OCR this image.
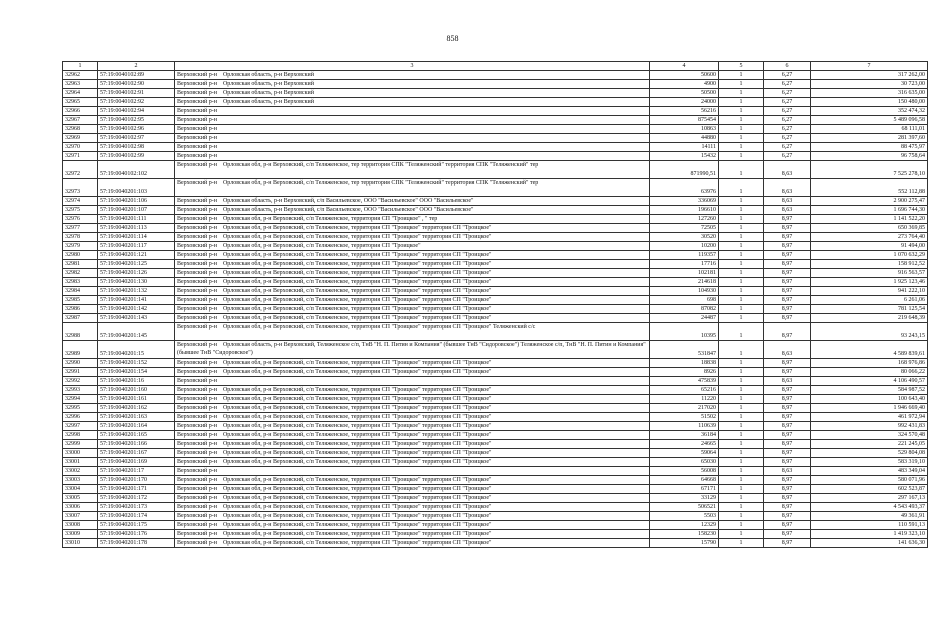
858
1	2	3	4	5	6	7
32962	57:19:0040102:89	Верховский р-н Орловская область, р-н Верховский	50600	1	6,27	317 262,00
32963	57:19:0040102:90	Верховский р-н Орловская область, р-н Верховский	4900	1	6,27	30 723,00
32964	57:19:0040102:91	Верховский р-н Орловская область, р-н Верховский	50500	1	6,27	316 635,00
32965	57:19:0040102:92	Верховский р-н Орловская область, р-н Верховский	24000	1	6,27	150 480,00
32966	57:19:0040102:94	Верховский р-н	56216	1	6,27	352 474,32
32967	57:19:0040102:95	Верховский р-н	875454	1	6,27	5 489 096,58
32968	57:19:0040102:96	Верховский р-н	10863	1	6,27	68 111,01
32969	57:19:0040102:97	Верховский р-н	44880	1	6,27	281 397,60
32970	57:19:0040102:98	Верховский р-н	14111	1	6,27	88 475,97
32971	57:19:0040102:99	Верховский р-н	15432	1	6,27	96 758,64
32972	57:19:0040102:102	Верховский р-н Орловская обл, р-н Верховский, с/п Теляженское, тер территория СПК "Теляженский" территория СПК "Теляженский" тер	871990,51	1	8,63	7 525 278,10
32973	57:19:0040201:103	Верховский р-н Орловская обл, р-н Верховский, с/п Теляженское, тер территория СПК "Теляженский" территория СПК "Теляженский" тер	63976	1	8,63	552 112,88
32974	57:19:0040201:106	Верховский р-н Орловская область, р-н Верховский, с/п Васильевское, ООО "Васильевское" ООО "Васильевское"	336069	1	8,63	2 900 275,47
32975	57:19:0040201:107	Верховский р-н Орловская область, р-н Верховский, с/п Васильевское, ООО "Васильевское" ООО "Васильевское"	196610	1	8,63	1 696 744,30
32976	57:19:0040201:111	Верховский р-н Орловская обл, р-н Верховский, с/п Теляженское, территория СП "Троицкое" , " тер	127260	1	8,97	1 141 522,20
32977	57:19:0040201:113	Верховский р-н Орловская обл, р-н Верховский, с/п Теляженское, территория СП "Троицкое" территория СП "Троицкое"	72505	1	8,97	650 369,85
32978	57:19:0040201:114	Верховский р-н Орловская обл, р-н Верховский, с/п Теляженское, территория СП "Троицкое" территория СП "Троицкое"	30520	1	8,97	273 764,40
32979	57:19:0040201:117	Верховский р-н Орловская обл, р-н Верховский, с/п Теляженское, территория СП "Троицкое"	10200	1	8,97	91 494,00
32980	57:19:0040201:121	Верховский р-н Орловская обл, р-н Верховский, с/п Теляженское, территория СП "Троицкое" территория СП "Троицкое"	119357	1	8,97	1 070 632,29
32981	57:19:0040201:125	Верховский р-н Орловская обл, р-н Верховский, с/п Теляженское, территория СП "Троицкое" территория СП "Троицкое"	17716	1	8,97	158 912,52
32982	57:19:0040201:126	Верховский р-н Орловская обл, р-н Верховский, с/п Теляженское, территория СП "Троицкое" территория СП "Троицкое"	102181	1	8,97	916 563,57
32983	57:19:0040201:130	Верховский р-н Орловская обл, р-н Верховский, с/п Теляженское, территория СП "Троицкое" территория СП "Троицкое"	214618	1	8,97	1 925 123,46
32984	57:19:0040201:132	Верховский р-н Орловская обл, р-н Верховский, с/п Теляженское, территория СП "Троицкое" территория СП "Троицкое"	104930	1	8,97	941 222,10
32985	57:19:0040201:141	Верховский р-н Орловская обл, р-н Верховский, с/п Теляженское, территория СП "Троицкое" территория СП "Троицкое"	698	1	8,97	6 261,06
32986	57:19:0040201:142	Верховский р-н Орловская обл, р-н Верховский, с/п Теляженское, территория СП "Троицкое" территория СП "Троицкое"	87082	1	8,97	781 125,54
32987	57:19:0040201:143	Верховский р-н Орловская обл, р-н Верховский, с/п Теляженское, территория СП "Троицкое" территория СП "Троицкое"	24487	1	8,97	219 648,39
32988	57:19:0040201:145	Верховский р-н Орловская обл, р-н Верховский, с/п Теляженское, территория СП "Троицкое" территория СП "Троицкое" Теляженский с/с	10395	1	8,97	93 243,15
32989	57:19:0040201:15	Верховский р-н Орловская область, р-н Верховский, Теляженское с/п, ТнВ "Н. П. Питин и Компания" (бывшее ТнВ "Сидоровское") Теляженское с/п, ТнВ "Н. П. Питин и Компания" (бывшее ТнВ "Сидоровское")	531847	1	8,63	4 589 839,61
32990	57:19:0040201:152	Верховский р-н Орловская обл, р-н Верховский, с/п Теляженское, территория СП "Троицкое" территория СП "Троицкое"	18838	1	8,97	168 976,86
32991	57:19:0040201:154	Верховский р-н Орловская обл, р-н Верховский, с/п Теляженское, территория СП "Троицкое" территория СП "Троицкое"	8926	1	8,97	80 066,22
32992	57:19:0040201:16	Верховский р-н	475839	1	8,63	4 106 490,57
32993	57:19:0040201:160	Верховский р-н Орловская обл, р-н Верховский, с/п Теляженское, территория СП "Троицкое" территория СП "Троицкое"	65216	1	8,97	584 987,52
32994	57:19:0040201:161	Верховский р-н Орловская обл, р-н Верховский, с/п Теляженское, территория СП "Троицкое" территория СП "Троицкое"	11220	1	8,97	100 643,40
32995	57:19:0040201:162	Верховский р-н Орловская обл, р-н Верховский, с/п Теляженское, территория СП "Троицкое" территория СП "Троицкое"	217020	1	8,97	1 946 669,40
32996	57:19:0040201:163	Верховский р-н Орловская обл, р-н Верховский, с/п Теляженское, территория СП "Троицкое" территория СП "Троицкое"	51502	1	8,97	461 972,94
32997	57:19:0040201:164	Верховский р-н Орловская обл, р-н Верховский, с/п Теляженское, территория СП "Троицкое" территория СП "Троицкое"	110639	1	8,97	992 431,83
32998	57:19:0040201:165	Верховский р-н Орловская обл, р-н Верховский, с/п Теляженское, территория СП "Троицкое" территория СП "Троицкое"	36184	1	8,97	324 570,48
32999	57:19:0040201:166	Верховский р-н Орловская обл, р-н Верховский, с/п Теляженское, территория СП "Троицкое" территория СП "Троицкое"	24665	1	8,97	221 245,05
33000	57:19:0040201:167	Верховский р-н Орловская обл, р-н Верховский, с/п Теляженское, территория СП "Троицкое" территория СП "Троицкое"	59064	1	8,97	529 804,08
33001	57:19:0040201:169	Верховский р-н Орловская обл, р-н Верховский, с/п Теляженское, территория СП "Троицкое" территория СП "Троицкое"	65030	1	8,97	583 319,10
33002	57:19:0040201:17	Верховский р-н	56008	1	8,63	483 349,04
33003	57:19:0040201:170	Верховский р-н Орловская обл, р-н Верховский, с/п Теляженское, территория СП "Троицкое" территория СП "Троицкое"	64668	1	8,97	580 071,96
33004	57:19:0040201:171	Верховский р-н Орловская обл, р-н Верховский, с/п Теляженское, территория СП "Троицкое" территория СП "Троицкое"	67171	1	8,97	602 523,87
33005	57:19:0040201:172	Верховский р-н Орловская обл, р-н Верховский, с/п Теляженское, территория СП "Троицкое" территория СП "Троицкое"	33129	1	8,97	297 167,13
33006	57:19:0040201:173	Верховский р-н Орловская обл, р-н Верховский, с/п Теляженское, территория СП "Троицкое" территория СП "Троицкое"	506521	1	8,97	4 543 493,37
33007	57:19:0040201:174	Верховский р-н Орловская обл, р-н Верховский, с/п Теляженское, территория СП "Троицкое" территория СП "Троицкое"	5503	1	8,97	49 361,91
33008	57:19:0040201:175	Верховский р-н Орловская обл, р-н Верховский, с/п Теляженское, территория СП "Троицкое" территория СП "Троицкое"	12329	1	8,97	110 591,13
33009	57:19:0040201:176	Верховский р-н Орловская обл, р-н Верховский, с/п Теляженское, территория СП "Троицкое" территория СП "Троицкое"	158230	1	8,97	1 419 323,10
33010	57:19:0040201:178	Верховский р-н Орловская обл, р-н Верховский, с/п Теляженское, территория СП "Троицкое" территория СП "Троицкое"	15790	1	8,97	141 636,30
